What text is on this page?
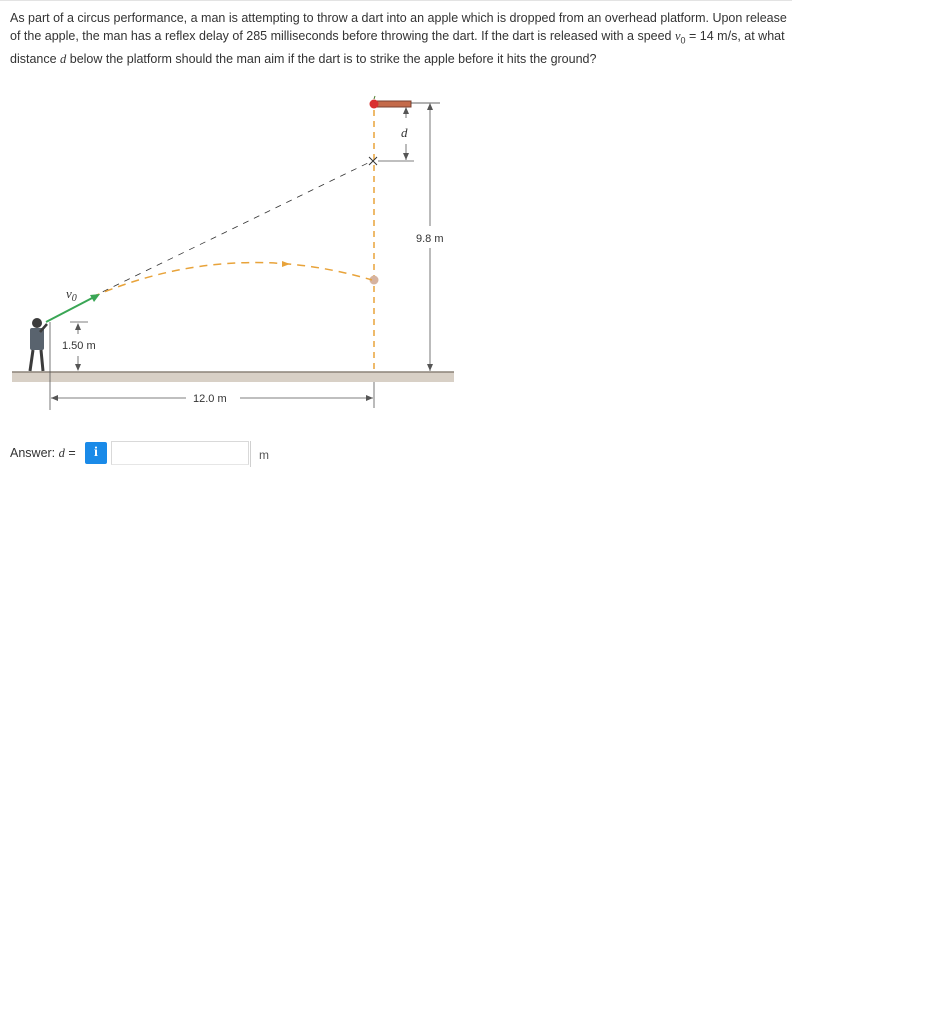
As part of a circus performance, a man is attempting to throw a dart into an apple which is dropped from an overhead platform. Upon release of the apple, the man has a reflex delay of 285 milliseconds before throwing the dart. If the dart is released with a speed $v_0 = 14$ m/s, at what distance d below the platform should the man aim if the dart is to strike the apple before it hits the ground?
1.50 m
$v_0$
12.0 m
9.8 m
d
Answer: d =	i	m
